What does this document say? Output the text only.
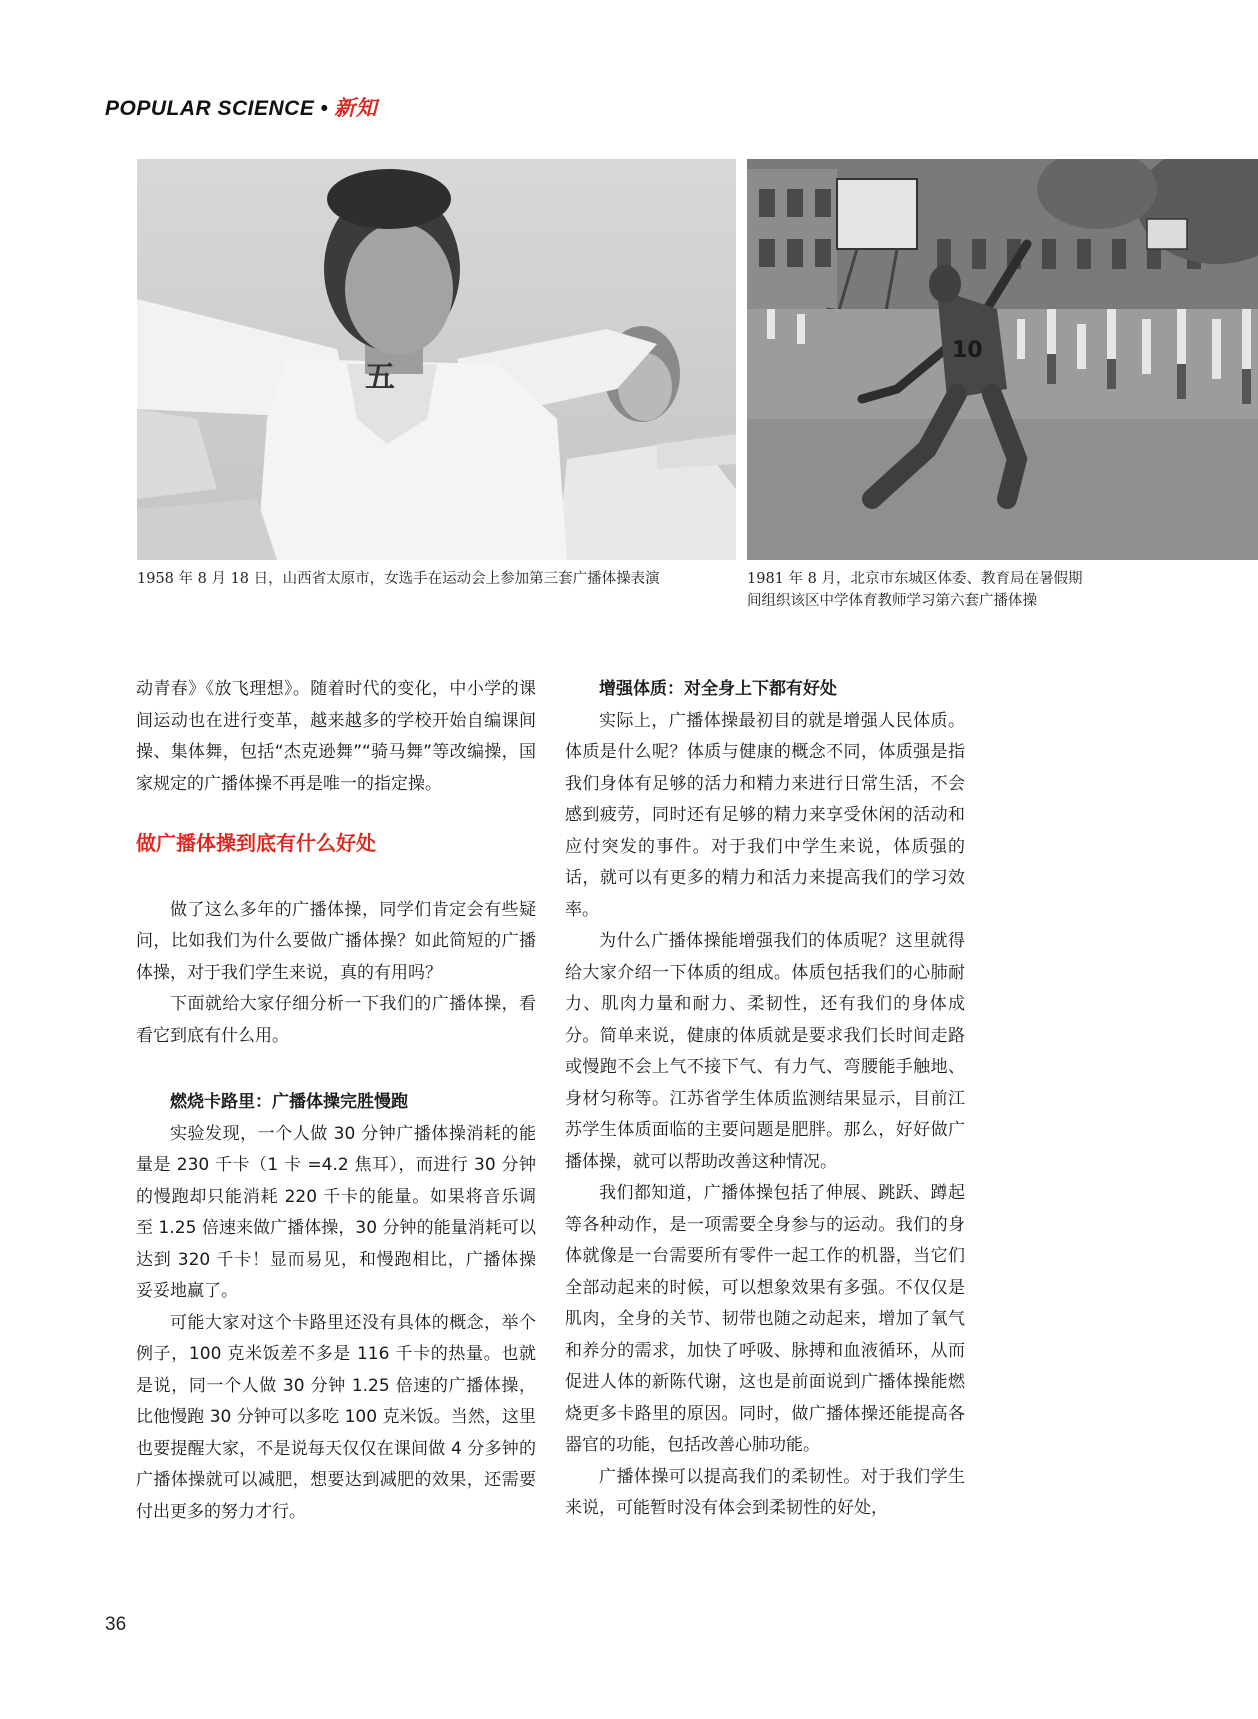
POPULAR SCIENCE • 新知
五
10
1958 年 8 月 18 日，山西省太原市，女选手在运动会上参加第三套广播体操表演	1981 年 8 月，北京市东城区体委、教育局在暑假期
间组织该区中学体育教师学习第六套广播体操

动青春》《放飞理想》。随着时代的变化，中小学的课间运动也在进行变革，越来越多的学校开始自编课间操、集体舞，包括“杰克逊舞”“骑马舞”等改编操，国家规定的广播体操不再是唯一的指定操。

做广播体操到底有什么好处

做了这么多年的广播体操，同学们肯定会有些疑问，比如我们为什么要做广播体操？如此简短的广播体操，对于我们学生来说，真的有用吗？

下面就给大家仔细分析一下我们的广播体操，看看它到底有什么用。

燃烧卡路里：广播体操完胜慢跑

实验发现，一个人做 30 分钟广播体操消耗的能量是 230 千卡（1 卡 =4.2 焦耳），而进行 30 分钟的慢跑却只能消耗 220 千卡的能量。如果将音乐调至 1.25 倍速来做广播体操，30 分钟的能量消耗可以达到 320 千卡！显而易见，和慢跑相比，广播体操妥妥地赢了。

可能大家对这个卡路里还没有具体的概念，举个例子，100 克米饭差不多是 116 千卡的热量。也就是说，同一个人做 30 分钟 1.25 倍速的广播体操，比他慢跑 30 分钟可以多吃 100 克米饭。当然，这里也要提醒大家，不是说每天仅仅在课间做 4 分多钟的广播体操就可以减肥，想要达到减肥的效果，还需要付出更多的努力才行。

增强体质：对全身上下都有好处

实际上，广播体操最初目的就是增强人民体质。体质是什么呢？体质与健康的概念不同，体质强是指我们身体有足够的活力和精力来进行日常生活，不会感到疲劳，同时还有足够的精力来享受休闲的活动和应付突发的事件。对于我们中学生来说，体质强的话，就可以有更多的精力和活力来提高我们的学习效率。

为什么广播体操能增强我们的体质呢？这里就得给大家介绍一下体质的组成。体质包括我们的心肺耐力、肌肉力量和耐力、柔韧性，还有我们的身体成分。简单来说，健康的体质就是要求我们长时间走路或慢跑不会上气不接下气、有力气、弯腰能手触地、身材匀称等。江苏省学生体质监测结果显示，目前江苏学生体质面临的主要问题是肥胖。那么，好好做广播体操，就可以帮助改善这种情况。

我们都知道，广播体操包括了伸展、跳跃、蹲起等各种动作，是一项需要全身参与的运动。我们的身体就像是一台需要所有零件一起工作的机器，当它们全部动起来的时候，可以想象效果有多强。不仅仅是肌肉，全身的关节、韧带也随之动起来，增加了氧气和养分的需求，加快了呼吸、脉搏和血液循环，从而促进人体的新陈代谢，这也是前面说到广播体操能燃烧更多卡路里的原因。同时，做广播体操还能提高各器官的功能，包括改善心肺功能。

广播体操可以提高我们的柔韧性。对于我们学生来说，可能暂时没有体会到柔韧性的好处，

36
